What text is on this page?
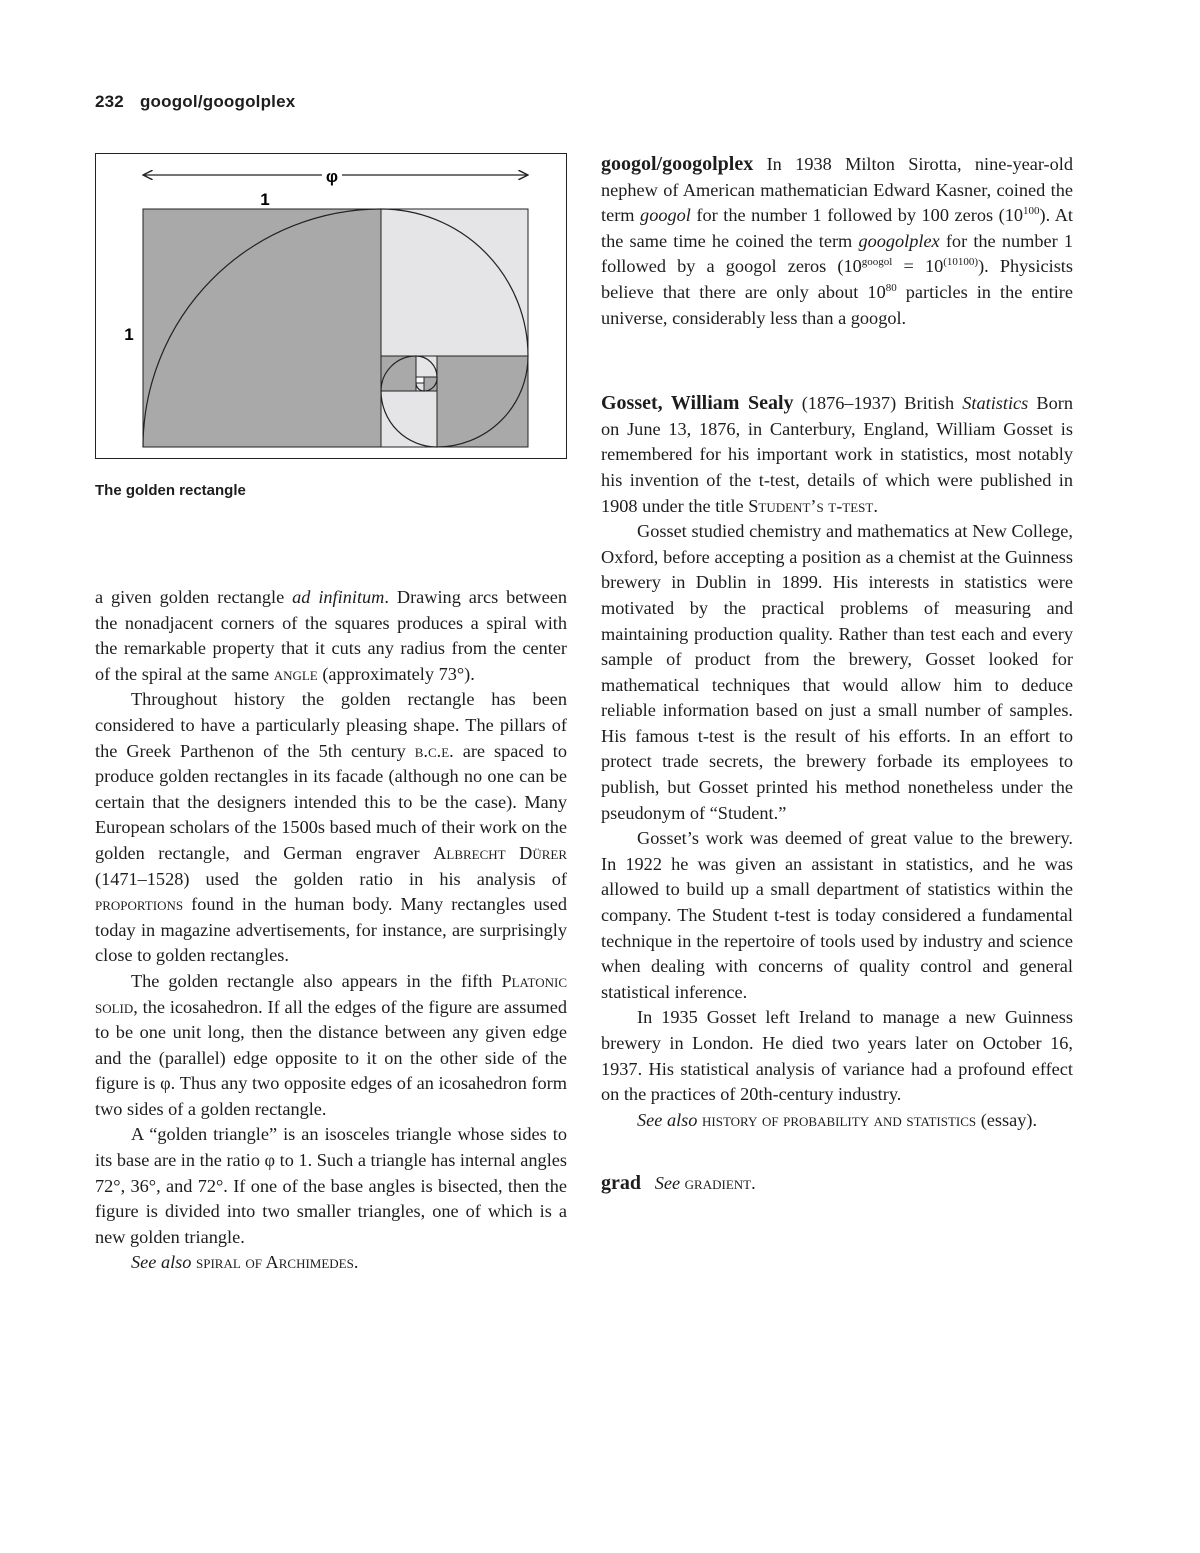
232 googol/googolplex
φ
1
1
The golden rectangle

a given golden rectangle ad infinitum. Drawing arcs between the nonadjacent corners of the squares produces a spiral with the remarkable property that it cuts any radius from the center of the spiral at the same angle (approximately 73°).

Throughout history the golden rectangle has been considered to have a particularly pleasing shape. The pillars of the Greek Parthenon of the 5th century b.c.e. are spaced to produce golden rectangles in its facade (although no one can be certain that the designers intended this to be the case). Many European scholars of the 1500s based much of their work on the golden rectangle, and German engraver Albrecht Dürer (1471–1528) used the golden ratio in his analysis of proportions found in the human body. Many rectangles used today in magazine advertisements, for instance, are surprisingly close to golden rectangles.

The golden rectangle also appears in the fifth Platonic solid, the icosahedron. If all the edges of the figure are assumed to be one unit long, then the distance between any given edge and the (parallel) edge opposite to it on the other side of the figure is φ. Thus any two opposite edges of an icosahedron form two sides of a golden rectangle.

A “golden triangle” is an isosceles triangle whose sides to its base are in the ratio φ to 1. Such a triangle has internal angles 72°, 36°, and 72°. If one of the base angles is bisected, then the figure is divided into two smaller triangles, one of which is a new golden triangle.

See also spiral of Archimedes.

googol/googolplex In 1938 Milton Sirotta, nine-year-old nephew of American mathematician Edward Kasner, coined the term googol for the number 1 followed by 100 zeros $(10^{100})$. At the same time he coined the term googolplex for the number 1 followed by a googol zeros $(10^{googol} = 10^{(10100)})$. Physicists believe that there are only about $10^{80}$ particles in the entire universe, considerably less than a googol.

Gosset, William Sealy (1876–1937) British Statistics Born on June 13, 1876, in Canterbury, England, William Gosset is remembered for his important work in statistics, most notably his invention of the t-test, details of which were published in 1908 under the title Student’s t-test.

Gosset studied chemistry and mathematics at New College, Oxford, before accepting a position as a chemist at the Guinness brewery in Dublin in 1899. His interests in statistics were motivated by the practical problems of measuring and maintaining production quality. Rather than test each and every sample of product from the brewery, Gosset looked for mathematical techniques that would allow him to deduce reliable information based on just a small number of samples. His famous t-test is the result of his efforts. In an effort to protect trade secrets, the brewery forbade its employees to publish, but Gosset printed his method nonetheless under the pseudonym of “Student.”

Gosset’s work was deemed of great value to the brewery. In 1922 he was given an assistant in statistics, and he was allowed to build up a small department of statistics within the company. The Student t-test is today considered a fundamental technique in the repertoire of tools used by industry and science when dealing with concerns of quality control and general statistical inference.

In 1935 Gosset left Ireland to manage a new Guinness brewery in London. He died two years later on October 16, 1937. His statistical analysis of variance had a profound effect on the practices of 20th-century industry.

See also history of probability and statistics (essay).

grad See gradient.
